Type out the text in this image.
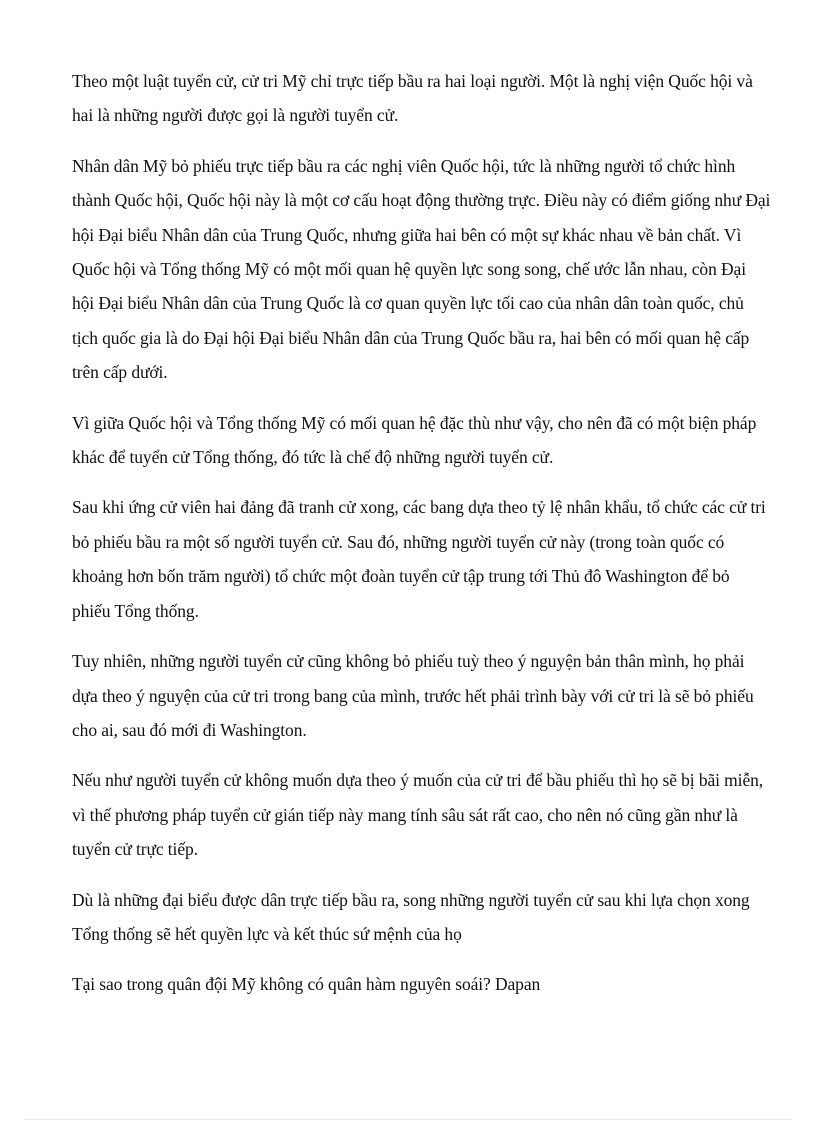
Theo một luật tuyển cử, cử tri Mỹ chỉ trực tiếp bầu ra hai loại người. Một là nghị viện Quốc hội và hai là những người được gọi là người tuyển cử.

Nhân dân Mỹ bỏ phiếu trực tiếp bầu ra các nghị viên Quốc hội, tức là những người tổ chức hình thành Quốc hội, Quốc hội này là một cơ cấu hoạt động thường trực. Điều này có điểm giống như Đại hội Đại biểu Nhân dân của Trung Quốc, nhưng giữa hai bên có một sự khác nhau về bản chất. Vì Quốc hội và Tổng thống Mỹ có một mối quan hệ quyền lực song song, chế ước lẫn nhau, còn Đại hội Đại biểu Nhân dân của Trung Quốc là cơ quan quyền lực tối cao của nhân dân toàn quốc, chủ tịch quốc gia là do Đại hội Đại biểu Nhân dân của Trung Quốc bầu ra, hai bên có mối quan hệ cấp trên cấp dưới.

Vì giữa Quốc hội và Tổng thống Mỹ có mối quan hệ đặc thù như vậy, cho nên đã có một biện pháp khác để tuyển cử Tổng thống, đó tức là chế độ những người tuyển cử.

Sau khi ứng cử viên hai đảng đã tranh cử xong, các bang dựa theo tỷ lệ nhân khẩu, tổ chức các cử tri bỏ phiếu bầu ra một số người tuyển cử. Sau đó, những người tuyển cử này (trong toàn quốc có khoảng hơn bốn trăm người) tổ chức một đoàn tuyển cử tập trung tới Thủ đô Washington để bỏ phiếu Tổng thống.

Tuy nhiên, những người tuyển cử cũng không bỏ phiếu tuỳ theo ý nguyện bản thân mình, họ phải dựa theo ý nguyện của cử tri trong bang của mình, trước hết phải trình bày với cử tri là sẽ bỏ phiếu cho ai, sau đó mới đi Washington.

Nếu như người tuyển cử không muốn dựa theo ý muốn của cử tri để bầu phiếu thì họ sẽ bị bãi miễn, vì thế phương pháp tuyển cử gián tiếp này mang tính sâu sát rất cao, cho nên nó cũng gần như là tuyển cử trực tiếp.

Dù là những đại biểu được dân trực tiếp bầu ra, song những người tuyển cử sau khi lựa chọn xong Tổng thống sẽ hết quyền lực và kết thúc sứ mệnh của họ

Tại sao trong quân đội Mỹ không có quân hàm nguyên soái? Dapan
